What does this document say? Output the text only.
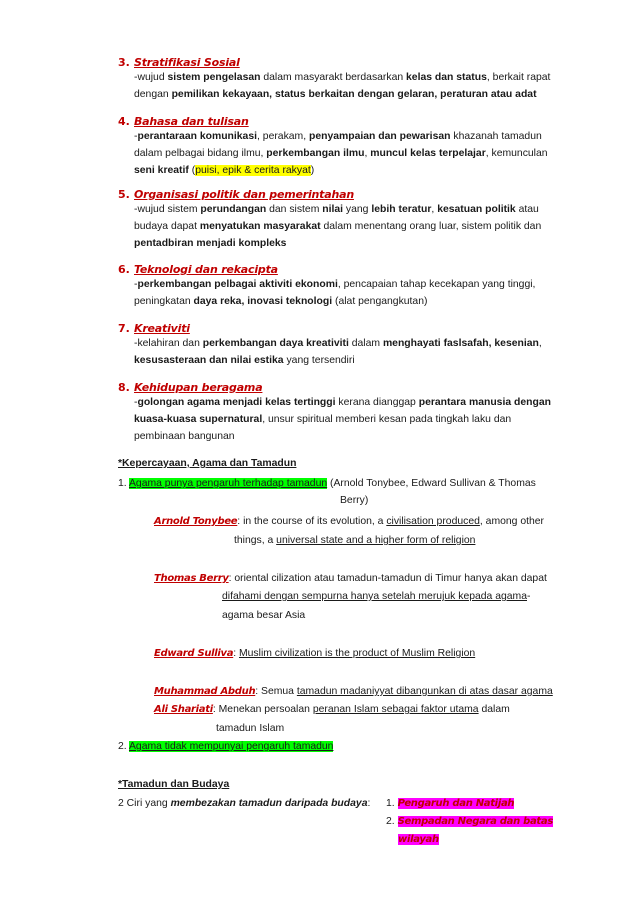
3. Stratifikasi Sosial
-wujud sistem pengelasan dalam masyarakt berdasarkan kelas dan status, berkait rapat
dengan pemilikan kekayaan, status berkaitan dengan gelaran, peraturan atau adat
4. Bahasa dan tulisan
-perantaraan komunikasi, perakam, penyampaian dan pewarisan khazanah tamadun
dalam pelbagai bidang ilmu, perkembangan ilmu, muncul kelas terpelajar, kemunculan
seni kreatif (puisi, epik & cerita rakyat)
5. Organisasi politik dan pemerintahan
-wujud sistem perundangan dan sistem nilai yang lebih teratur, kesatuan politik atau
budaya dapat menyatukan masyarakat dalam menentang orang luar, sistem politik dan
pentadbiran menjadi kompleks
6. Teknologi dan rekacipta
-perkembangan pelbagai aktiviti ekonomi, pencapaian tahap kecekapan yang tinggi,
peningkatan daya reka, inovasi teknologi (alat pengangkutan)
7. Kreativiti
-kelahiran dan perkembangan daya kreativiti dalam menghayati faslsafah, kesenian,
kesusasteraan dan nilai estika yang tersendiri
8. Kehidupan beragama
-golongan agama menjadi kelas tertinggi kerana dianggap perantara manusia dengan
kuasa-kuasa supernatural, unsur spiritual memberi kesan pada tingkah laku dan
pembinaan bangunan
*Kepercayaan, Agama dan Tamadun
1. Agama punya pengaruh terhadap tamadun (Arnold Tonybee, Edward Sullivan & Thomas
Berry)
Arnold Tonybee: in the course of its evolution, a civilisation produced, among other
things, a universal state and a higher form of religion
Thomas Berry: oriental cilization atau tamadun-tamadun di Timur hanya akan dapat
difahami dengan sempurna hanya setelah merujuk kepada agama-
agama besar Asia
Edward Sulliva: Muslim civilization is the product of Muslim Religion
Muhammad Abduh: Semua tamadun madaniyyat dibangunkan di atas dasar agama
Ali Shariati: Menekan persoalan peranan Islam sebagai faktor utama dalam
tamadun Islam
2. Agama tidak mempunyai pengaruh tamadun
*Tamadun dan Budaya
2 Ciri yang membezakan tamadun daripada budaya: 1. Pengaruh dan Natijah
2. Sempadan Negara dan batas
wilayah
